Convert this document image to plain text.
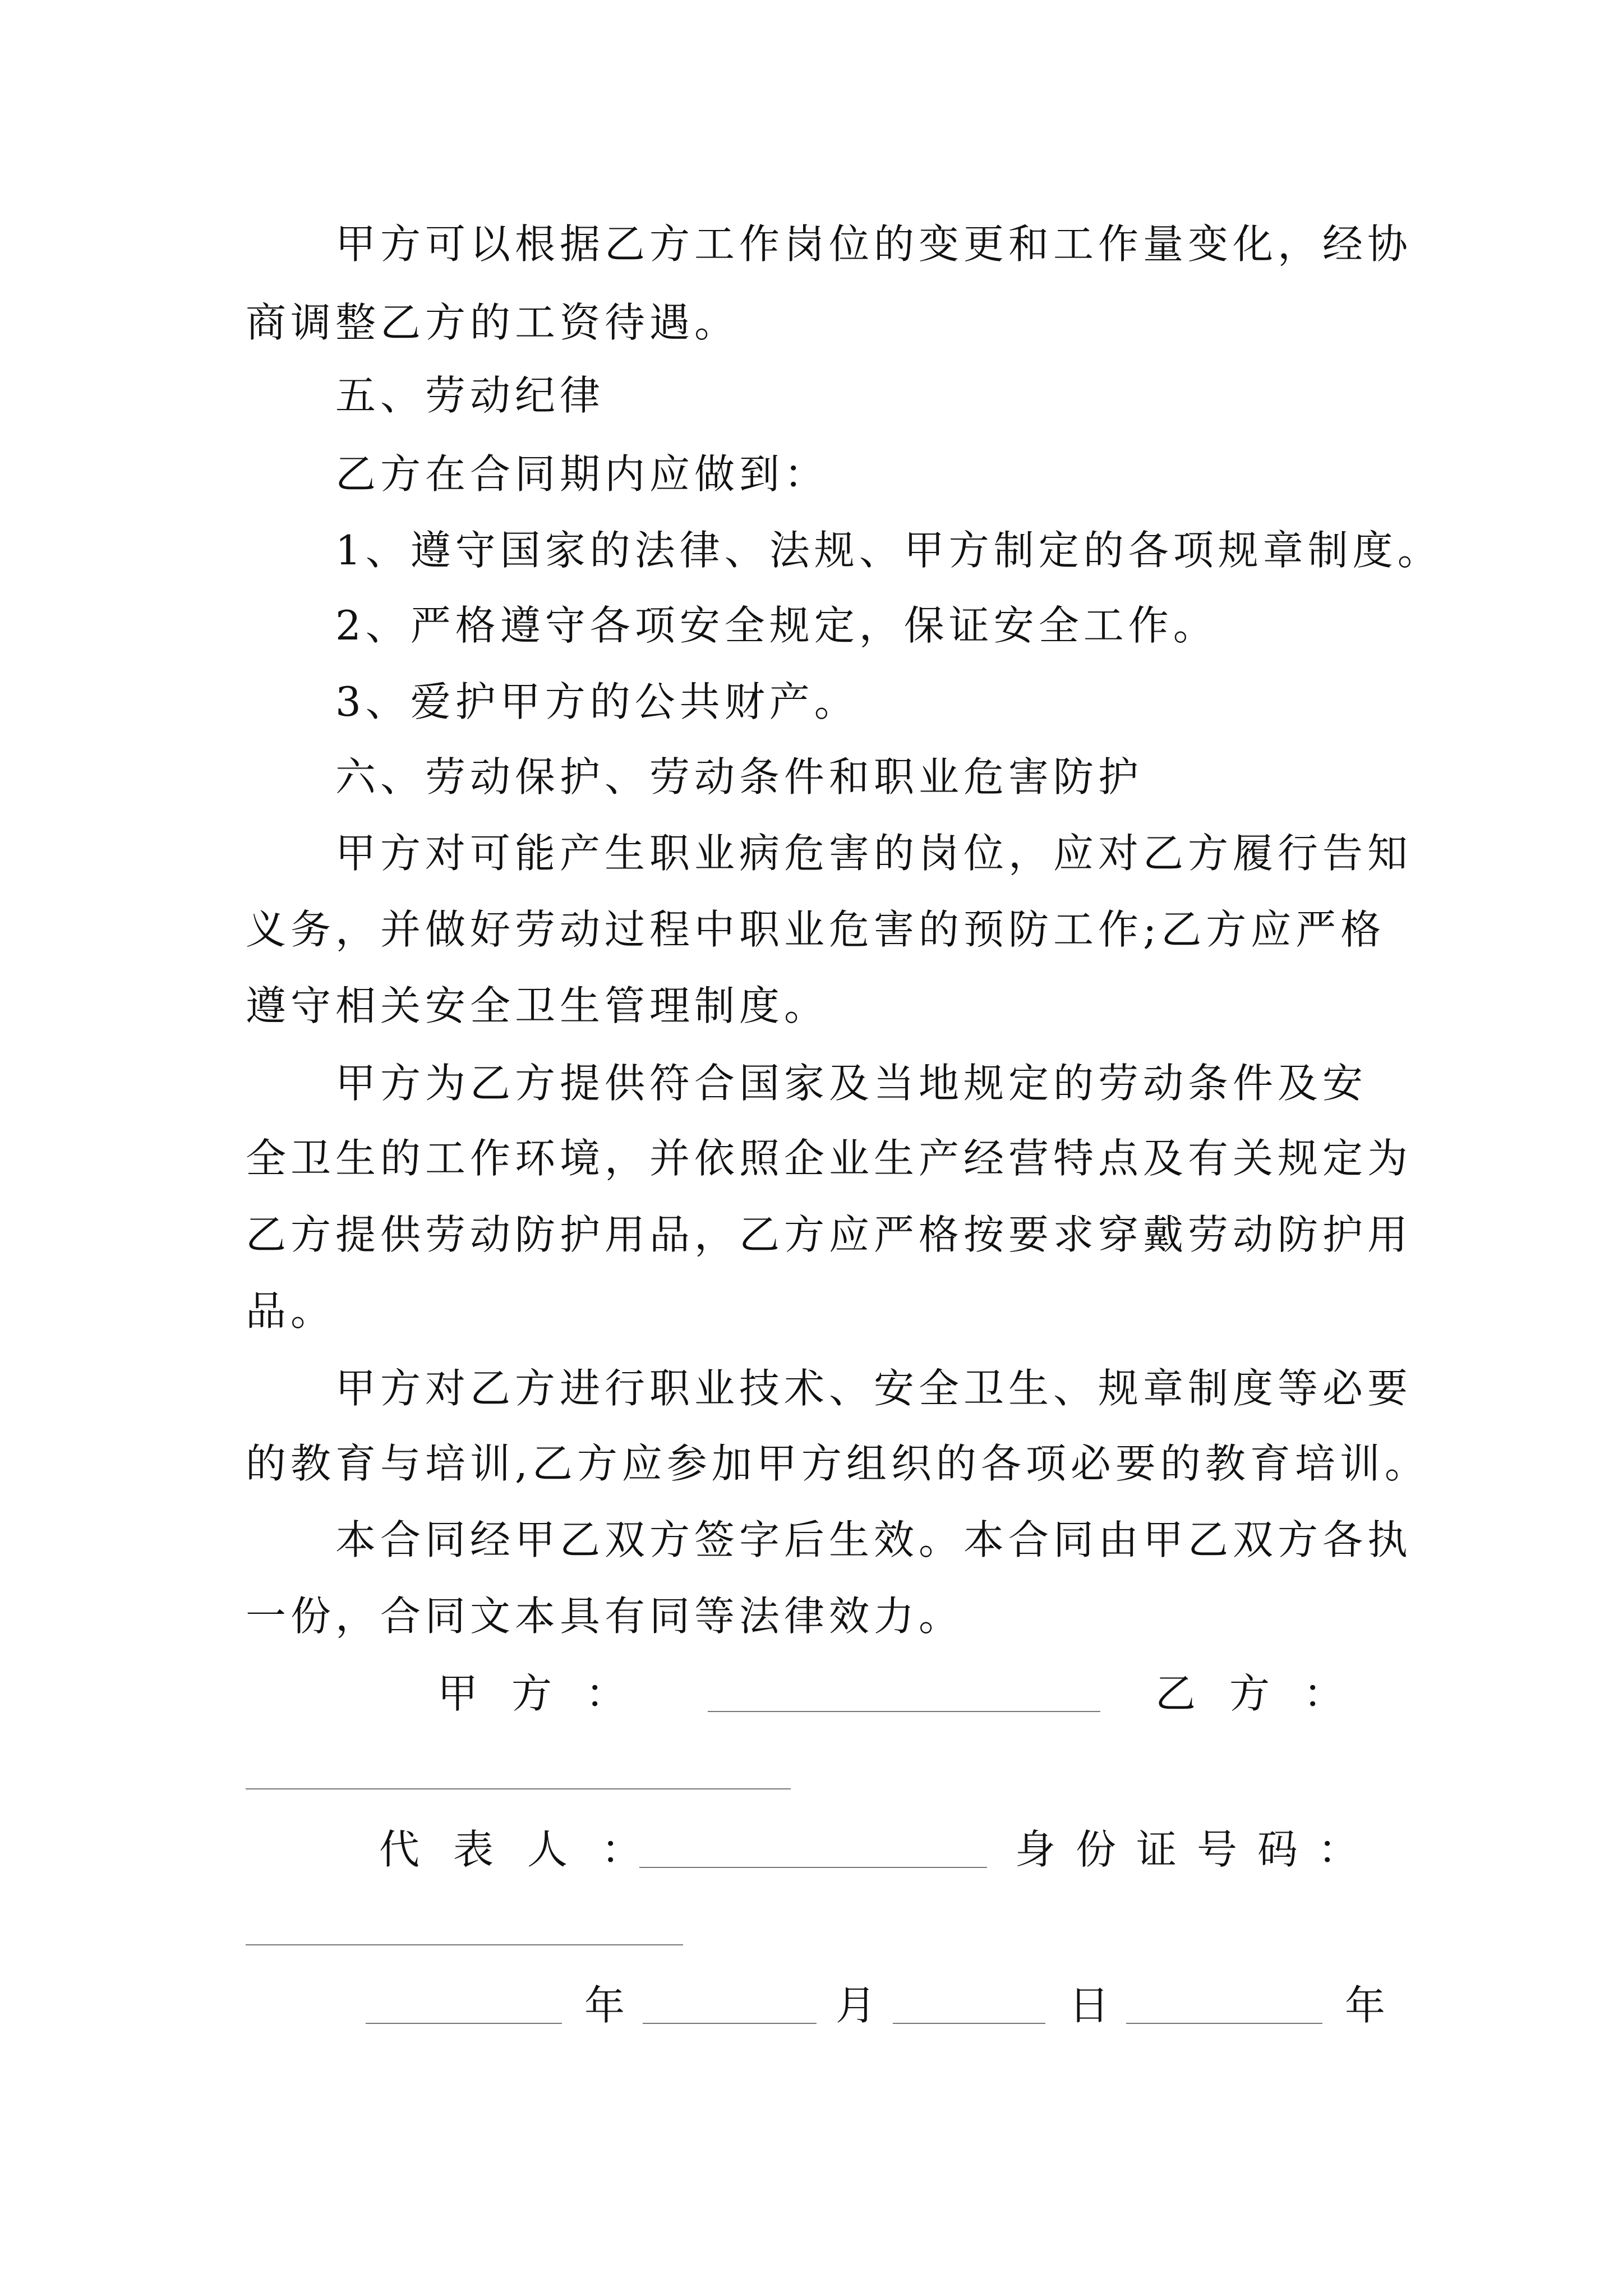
甲方可以根据乙方工作岗位的变更和工作量变化，经协
商调整乙方的工资待遇。
五、劳动纪律
乙方在合同期内应做到：
1、遵守国家的法律、法规、甲方制定的各项规章制度。
2、严格遵守各项安全规定，保证安全工作。
3、爱护甲方的公共财产。
六、劳动保护、劳动条件和职业危害防护
甲方对可能产生职业病危害的岗位，应对乙方履行告知
义务，并做好劳动过程中职业危害的预防工作;乙方应严格
遵守相关安全卫生管理制度。
甲方为乙方提供符合国家及当地规定的劳动条件及安
全卫生的工作环境，并依照企业生产经营特点及有关规定为
乙方提供劳动防护用品，乙方应严格按要求穿戴劳动防护用
品。
甲方对乙方进行职业技术、安全卫生、规章制度等必要
的教育与培训,乙方应参加甲方组织的各项必要的教育培训。
本合同经甲乙双方签字后生效。本合同由甲乙双方各执
一份，合同文本具有同等法律效力。
甲方：	乙方：
代表人：	身份证号码：
年	月	日	年
